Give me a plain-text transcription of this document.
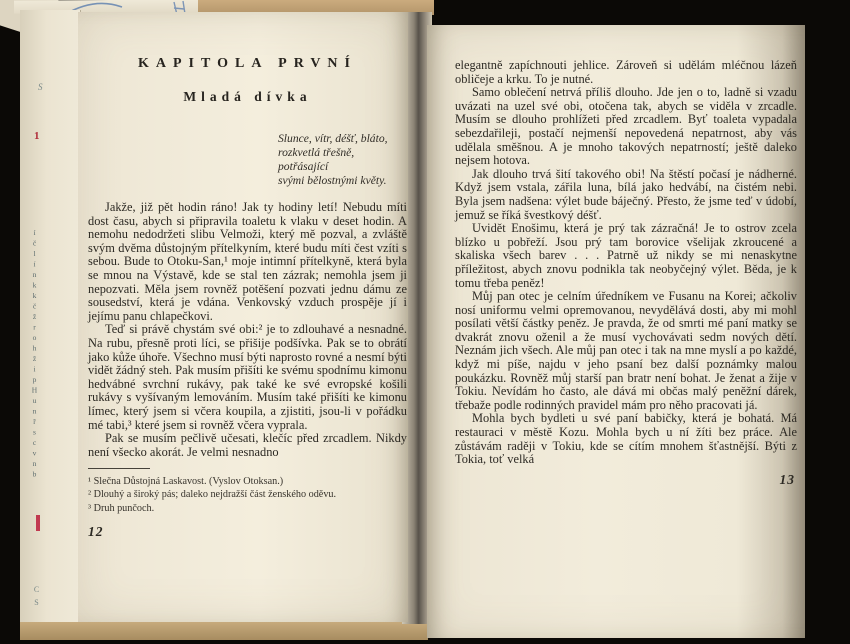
S
1
íčlínkkčžrohžipHunřscvnb
CS
KAPITOLA PRVNÍ
Mladá dívka
Slunce, vítr, déšť, bláto,
rozkvetlá třešně, potřásající
svými bělostnými květy.

Jakže, již pět hodin ráno! Jak ty hodiny letí! Nebudu míti dost času, abych si připravila toaletu k vlaku v deset hodin. A nemohu nedodržeti slibu Velmoži, který mě pozval, a zvláště svým dvěma důstojným přítelkyním, které budu míti čest vzíti s sebou. Bude to Otoku-San,¹ moje intimní přítelkyně, která byla se mnou na Výstavě, kde se stal ten zázrak; nemohla jsem ji nepozvati. Měla jsem rovněž potěšení pozvati jednu dámu ze sousedství, která je vdána. Venkovský vzduch prospěje jí i jejímu panu chlapečkovi.

Teď si právě chystám své obi:² je to zdlouhavé a nesnadné. Na rubu, přesně proti líci, se přišije podšívka. Pak se to obrátí jako kůže úhoře. Všechno musí býti naprosto rovné a nesmí býti vidět žádný steh. Pak musím přišíti ke svému spodnímu kimonu hedvábné svrchní rukávy, pak také ke své evropské košili rukávy s vyšívaným lemováním. Musím také přišíti ke kimonu límec, který jsem si včera koupila, a zjistiti, jsou-li v pořádku mé tabi,³ které jsem si rovněž včera vyprala.

Pak se musím pečlivě učesati, klečíc před zrcadlem. Nikdy není všecko akorát. Je velmi nesnadno

¹ Slečna Důstojná Laskavost. (Vyslov Otoksan.)
² Dlouhý a široký pás; daleko nejdražší část ženského oděvu.
³ Druh punčoch.
12

elegantně zapíchnouti jehlice. Zároveň si udělám mléčnou lázeň obličeje a krku. To je nutné.

Samo oblečení netrvá příliš dlouho. Jde jen o to, ladně si vzadu uvázati na uzel své obi, otočena tak, abych se viděla v zrcadle. Musím se dlouho prohlížeti před zrcadlem. Byť toaleta vypadala sebezdařileji, postačí nejmenší nepovedená nepatrnost, aby vás udělala směšnou. A je mnoho takových nepatrností; ještě daleko nejsem hotova.

Jak dlouho trvá šití takového obi! Na štěstí počasí je nádherné. Když jsem vstala, zářila luna, bílá jako hedvábí, na čistém nebi. Byla jsem nadšena: výlet bude báječný. Přesto, že jsme teď v údobí, jemuž se říká švestkový déšť.

Uvidět Enošimu, která je prý tak zázračná! Je to ostrov zcela blízko u pobřeží. Jsou prý tam borovice všelijak zkroucené a skaliska všech barev . . . Patrně už nikdy se mi nenaskytne příležitost, abych znovu podnikla tak neobyčejný výlet. Běda, je k tomu třeba peněz!

Můj pan otec je celním úředníkem ve Fusanu na Korei; ačkoliv nosí uniformu velmi opremovanou, nevydělává dosti, aby mi mohl posílati větší částky peněz. Je pravda, že od smrti mé paní matky se dvakrát znovu oženil a že musí vychovávati sedm nových dětí. Neznám jich všech. Ale můj pan otec i tak na mne myslí a po každé, když mi píše, najdu v jeho psaní bez další poznámky malou poukázku. Rovněž můj starší pan bratr není bohat. Je ženat a žije v Tokiu. Nevídám ho často, ale dává mi občas malý peněžní dárek, třebaže podle rodinných pravidel mám pro něho pracovati já.

Mohla bych bydleti u své paní babičky, která je bohatá. Má restauraci v městě Kozu. Mohla bych u ní žíti bez práce. Ale zůstávám raději v Tokiu, kde se cítím mnohem šťastnější. Býti z Tokia, toť velká

13
